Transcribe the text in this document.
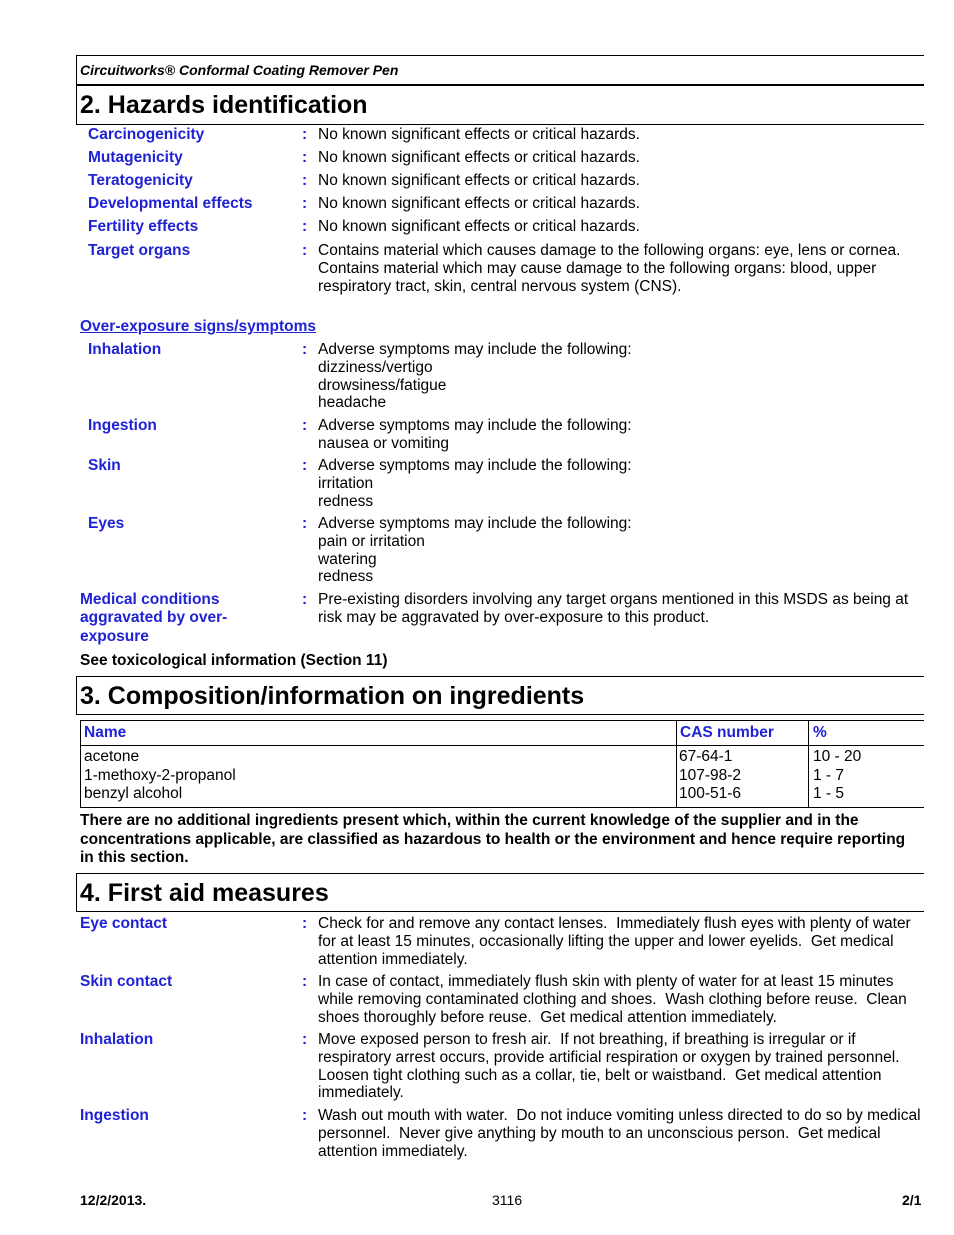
Circuitworks® Conformal Coating Remover Pen
2. Hazards identification
Carcinogenicity	: No known significant effects or critical hazards.
Mutagenicity	: No known significant effects or critical hazards.
Teratogenicity	: No known significant effects or critical hazards.
Developmental effects	: No known significant effects or critical hazards.
Fertility effects	: No known significant effects or critical hazards.
Target organs	: Contains material which causes damage to the following organs: eye, lens or cornea.
Contains material which may cause damage to the following organs: blood, upper
respiratory tract, skin, central nervous system (CNS).
Over-exposure signs/symptoms
Inhalation	: Adverse symptoms may include the following:
dizziness/vertigo
drowsiness/fatigue
headache
Ingestion	: Adverse symptoms may include the following:
nausea or vomiting
Skin	: Adverse symptoms may include the following:
irritation
redness
Eyes	: Adverse symptoms may include the following:
pain or irritation
watering
redness
Medical conditions
aggravated by over-
exposure
: Pre-existing disorders involving any target organs mentioned in this MSDS as being at
risk may be aggravated by over-exposure to this product.
See toxicological information (Section 11)
3. Composition/information on ingredients
Name	CAS number	%
acetone	67-64-1	10 - 20
1-methoxy-2-propanol	107-98-2	1 - 7
benzyl alcohol	100-51-6	1 - 5
There are no additional ingredients present which, within the current knowledge of the supplier and in the
concentrations applicable, are classified as hazardous to health or the environment and hence require reporting
in this section.
4. First aid measures
Eye contact	: Check for and remove any contact lenses.  Immediately flush eyes with plenty of water
for at least 15 minutes, occasionally lifting the upper and lower eyelids.  Get medical
attention immediately.
Skin contact	: In case of contact, immediately flush skin with plenty of water for at least 15 minutes
while removing contaminated clothing and shoes.  Wash clothing before reuse.  Clean
shoes thoroughly before reuse.  Get medical attention immediately.
Inhalation	: Move exposed person to fresh air.  If not breathing, if breathing is irregular or if
respiratory arrest occurs, provide artificial respiration or oxygen by trained personnel.
Loosen tight clothing such as a collar, tie, belt or waistband.  Get medical attention
immediately.
Ingestion	: Wash out mouth with water.  Do not induce vomiting unless directed to do so by medical
personnel.  Never give anything by mouth to an unconscious person.  Get medical
attention immediately.
12/2/2013.	3116	2/1
